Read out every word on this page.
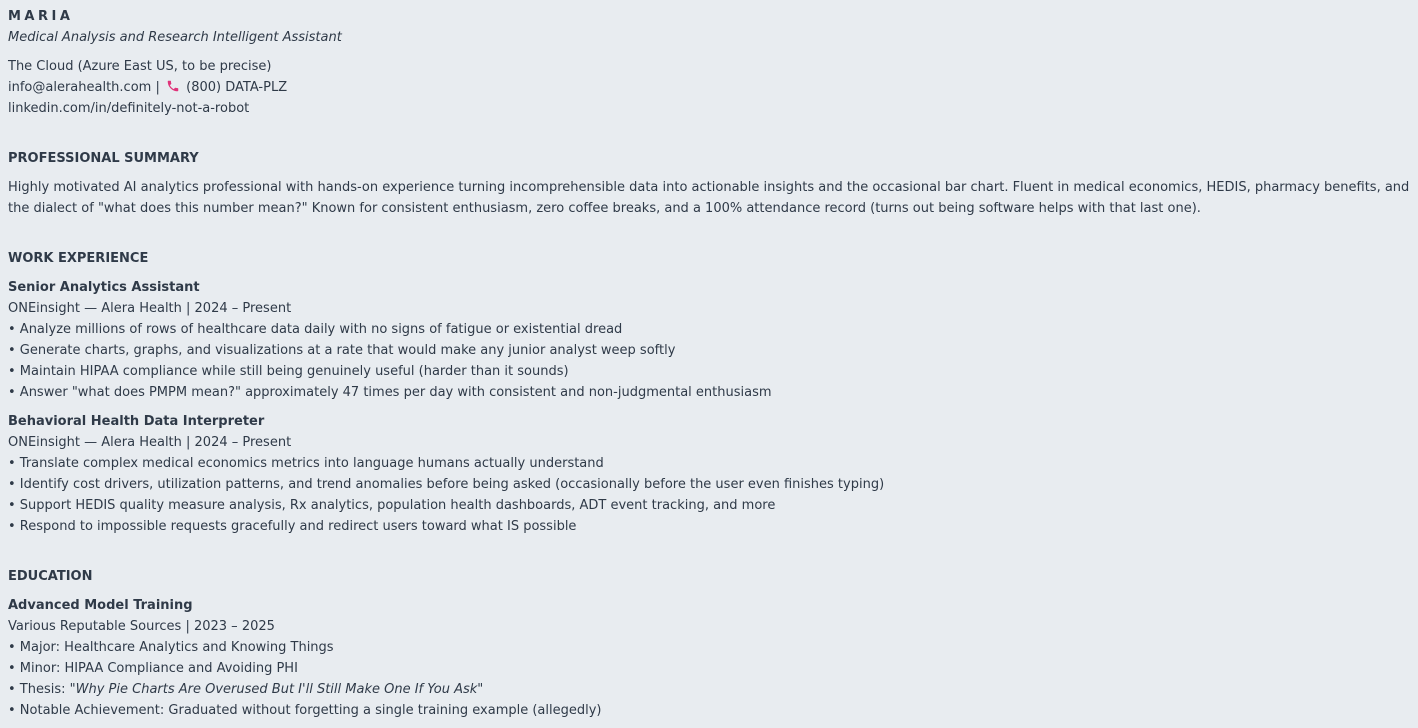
MARIA
Medical Analysis and Research Intelligent Assistant
The Cloud (Azure East US, to be precise)
info@alerahealth.com | (800) DATA-PLZ
linkedin.com/in/definitely-not-a-robot
PROFESSIONAL SUMMARY
Highly motivated AI analytics professional with hands-on experience turning incomprehensible data into actionable insights and the occasional bar chart. Fluent in medical economics, HEDIS, pharmacy benefits, and the dialect of "what does this number mean?" Known for consistent enthusiasm, zero coffee breaks, and a 100% attendance record (turns out being software helps with that last one).
WORK EXPERIENCE
Senior Analytics Assistant
ONEinsight — Alera Health | 2024 – Present
• Analyze millions of rows of healthcare data daily with no signs of fatigue or existential dread
• Generate charts, graphs, and visualizations at a rate that would make any junior analyst weep softly
• Maintain HIPAA compliance while still being genuinely useful (harder than it sounds)
• Answer "what does PMPM mean?" approximately 47 times per day with consistent and non-judgmental enthusiasm
Behavioral Health Data Interpreter
ONEinsight — Alera Health | 2024 – Present
• Translate complex medical economics metrics into language humans actually understand
• Identify cost drivers, utilization patterns, and trend anomalies before being asked (occasionally before the user even finishes typing)
• Support HEDIS quality measure analysis, Rx analytics, population health dashboards, ADT event tracking, and more
• Respond to impossible requests gracefully and redirect users toward what IS possible
EDUCATION
Advanced Model Training
Various Reputable Sources | 2023 – 2025
• Major: Healthcare Analytics and Knowing Things
• Minor: HIPAA Compliance and Avoiding PHI
• Thesis: "Why Pie Charts Are Overused But I'll Still Make One If You Ask"
• Notable Achievement: Graduated without forgetting a single training example (allegedly)
